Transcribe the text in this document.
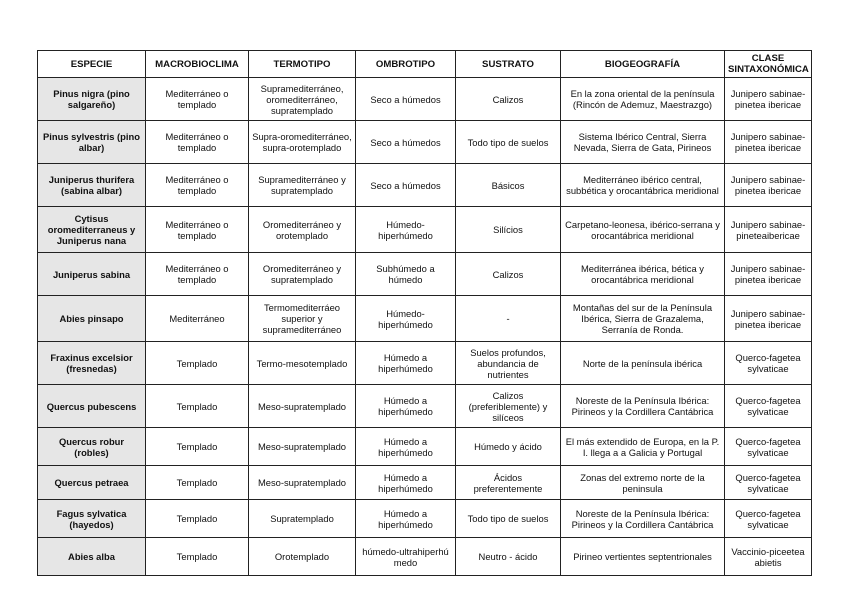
ESPECIE	MACROBIOCLIMA	TERMOTIPO	OMBROTIPO	SUSTRATO	BIOGEOGRAFÍA	CLASE SINTAXONÓMICA
Pinus nigra (pino salgareño)	Mediterráneo o templado	Supramediterráneo, oromediterráneo, supratemplado	Seco a húmedos	Calizos	En la zona oriental de la península (Rincón de Ademuz, Maestrazgo)	Junipero sabinae-pinetea ibericae
Pinus sylvestris (pino albar)	Mediterráneo o templado	Supra-oromediterráneo, supra-orotemplado	Seco a húmedos	Todo tipo de suelos	Sistema Ibérico Central, Sierra Nevada, Sierra de Gata, Pirineos	Junipero sabinae-pinetea ibericae
Juniperus thurifera (sabina albar)	Mediterráneo o templado	Supramediterráneo y supratemplado	Seco a húmedos	Básicos	Mediterráneo ibérico central, subbética y orocantábrica meridional	Junipero sabinae-pinetea ibericae
Cytisus oromediterraneus y Juniperus nana	Mediterráneo o templado	Oromediterráneo y orotemplado	Húmedo-hiperhúmedo	Silícios	Carpetano-leonesa, ibérico-serrana y orocantábrica meridional	Junipero sabinae-pineteaibericae
Juniperus sabina	Mediterráneo o templado	Oromediterráneo y supratemplado	Subhúmedo a húmedo	Calizos	Mediterránea ibérica, bética y orocantábrica meridional	Junipero sabinae-pinetea ibericae
Abies pinsapo	Mediterráneo	Termomediterráeo superior y supramediterráneo	Húmedo-hiperhúmedo	-	Montañas del sur de la Península Ibérica, Sierra de Grazalema, Serranía de Ronda.	Junipero sabinae-pinetea ibericae
Fraxinus excelsior (fresnedas)	Templado	Termo-mesotemplado	Húmedo a hiperhúmedo	Suelos profundos, abundancia de nutrientes	Norte de la península ibérica	Querco-fagetea sylvaticae
Quercus pubescens	Templado	Meso-supratemplado	Húmedo a hiperhúmedo	Calizos (preferiblemente) y silíceos	Noreste de la Península Ibérica: Pirineos y la Cordillera Cantábrica	Querco-fagetea sylvaticae
Quercus robur (robles)	Templado	Meso-supratemplado	Húmedo a hiperhúmedo	Húmedo y ácido	El más extendido de Europa, en la P. I. llega a a Galicia y Portugal	Querco-fagetea sylvaticae
Quercus petraea	Templado	Meso-supratemplado	Húmedo a hiperhúmedo	Ácidos preferentemente	Zonas del extremo norte de la peninsula	Querco-fagetea sylvaticae
Fagus sylvatica (hayedos)	Templado	Supratemplado	Húmedo a hiperhúmedo	Todo tipo de suelos	Noreste de la Península Ibérica: Pirineos y la Cordillera Cantábrica	Querco-fagetea sylvaticae
Abies alba	Templado	Orotemplado	húmedo-ultrahiperhú medo	Neutro - ácido	Pirineo vertientes septentrionales	Vaccinio-piceetea abietis
